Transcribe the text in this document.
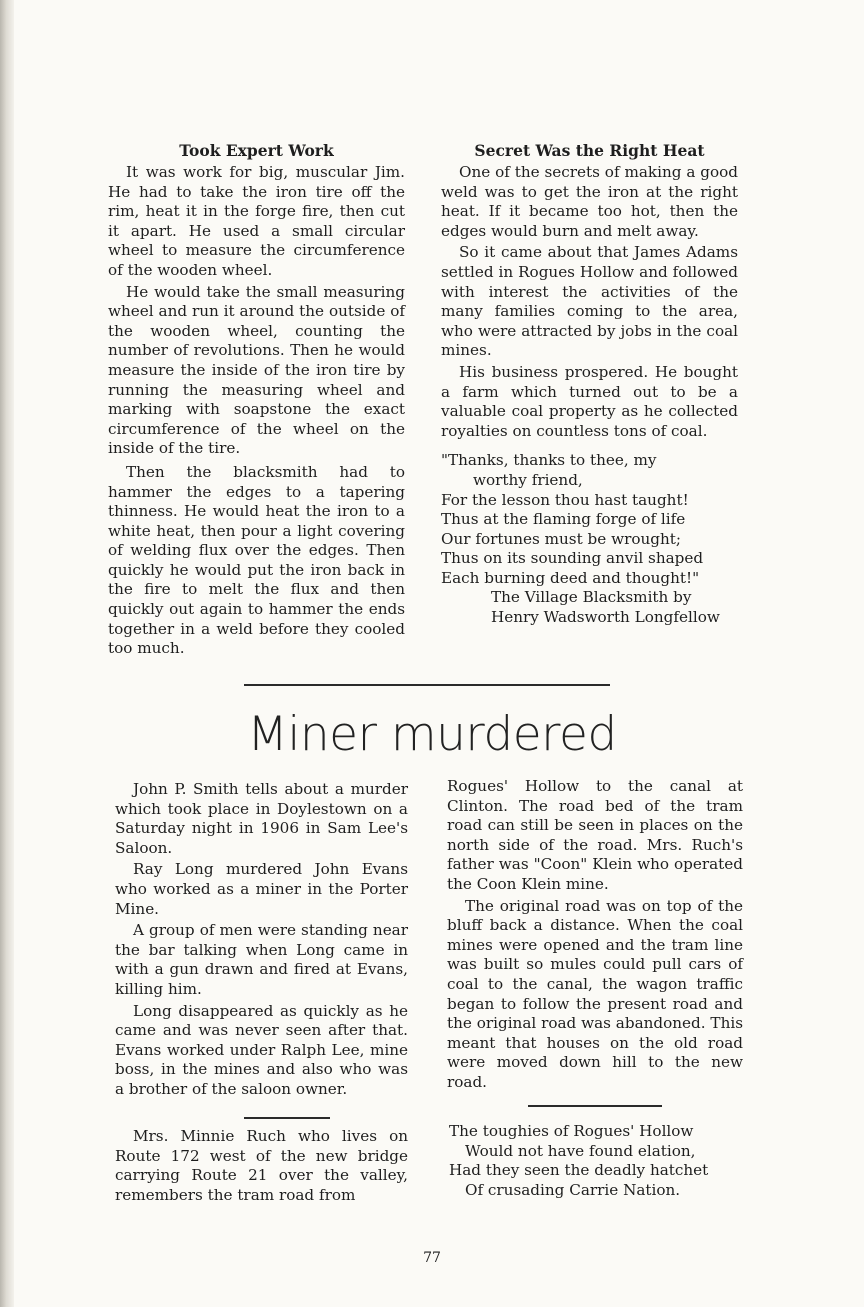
Took Expert Work

It was work for big, muscular Jim. He had to take the iron tire off the rim, heat it in the forge fire, then cut it apart. He used a small circular wheel to measure the circumference of the wooden wheel.

He would take the small measuring wheel and run it around the outside of the wooden wheel, counting the number of revolutions. Then he would measure the inside of the iron tire by running the measuring wheel and marking with soapstone the exact circumference of the wheel on the inside of the tire.

Then the blacksmith had to hammer the edges to a tapering thinness. He would heat the iron to a white heat, then pour a light covering of welding flux over the edges. Then quickly he would put the iron back in the fire to melt the flux and then quickly out again to hammer the ends together in a weld before they cooled too much.

Secret Was the Right Heat

One of the secrets of making a good weld was to get the iron at the right heat. If it became too hot, then the edges would burn and melt away.

So it came about that James Adams settled in Rogues Hollow and followed with interest the activities of the many families coming to the area, who were attracted by jobs in the coal mines.

His business prospered. He bought a farm which turned out to be a valuable coal property as he collected royalties on countless tons of coal.

"Thanks, thanks to thee, my
worthy friend,
For the lesson thou hast taught!
Thus at the flaming forge of life
Our fortunes must be wrought;
Thus on its sounding anvil shaped
Each burning deed and thought!"
The Village Blacksmith by
Henry Wadsworth Longfellow
Miner murdered

John P. Smith tells about a murder which took place in Doylestown on a Saturday night in 1906 in Sam Lee's Saloon.

Ray Long murdered John Evans who worked as a miner in the Porter Mine.

A group of men were standing near the bar talking when Long came in with a gun drawn and fired at Evans, killing him.

Long disappeared as quickly as he came and was never seen after that. Evans worked under Ralph Lee, mine boss, in the mines and also who was a brother of the saloon owner.

Mrs. Minnie Ruch who lives on Route 172 west of the new bridge carrying Route 21 over the valley, remembers the tram road from

Rogues' Hollow to the canal at Clinton. The road bed of the tram road can still be seen in places on the north side of the road. Mrs. Ruch's father was "Coon" Klein who operated the Coon Klein mine.

The original road was on top of the bluff back a distance. When the coal mines were opened and the tram line was built so mules could pull cars of coal to the canal, the wagon traffic began to follow the present road and the original road was abandoned. This meant that houses on the old road were moved down hill to the new road.

The toughies of Rogues' Hollow
Would not have found elation,
Had they seen the deadly hatchet
Of crusading Carrie Nation.
77
